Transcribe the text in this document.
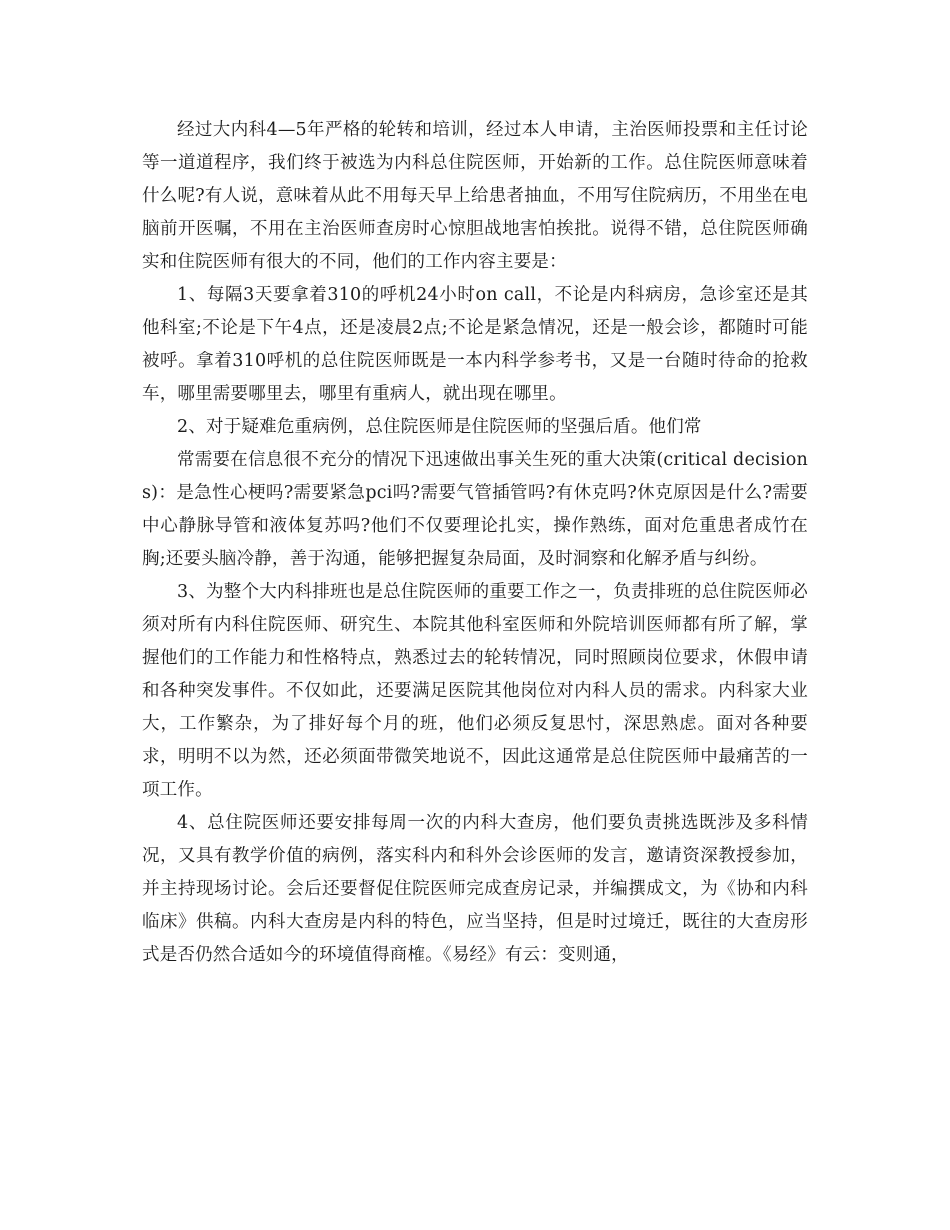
经过大内科4—5年严格的轮转和培训，经过本人申请，主治医师投票和主任讨论等一道道程序，我们终于被选为内科总住院医师，开始新的工作。总住院医师意味着什么呢?有人说，意味着从此不用每天早上给患者抽血，不用写住院病历，不用坐在电脑前开医嘱，不用在主治医师查房时心惊胆战地害怕挨批。说得不错，总住院医师确实和住院医师有很大的不同，他们的工作内容主要是：

1、每隔3天要拿着310的呼机24小时on call，不论是内科病房，急诊室还是其他科室;不论是下午4点，还是凌晨2点;不论是紧急情况，还是一般会诊，都随时可能被呼。拿着310呼机的总住院医师既是一本内科学参考书，又是一台随时待命的抢救车，哪里需要哪里去，哪里有重病人，就出现在哪里。

2、对于疑难危重病例，总住院医师是住院医师的坚强后盾。他们常

常需要在信息很不充分的情况下迅速做出事关生死的重大决策(critical decisions)：是急性心梗吗?需要紧急pci吗?需要气管插管吗?有休克吗?休克原因是什么?需要中心静脉导管和液体复苏吗?他们不仅要理论扎实，操作熟练，面对危重患者成竹在胸;还要头脑冷静，善于沟通，能够把握复杂局面，及时洞察和化解矛盾与纠纷。

3、为整个大内科排班也是总住院医师的重要工作之一，负责排班的总住院医师必须对所有内科住院医师、研究生、本院其他科室医师和外院培训医师都有所了解，掌握他们的工作能力和性格特点，熟悉过去的轮转情况，同时照顾岗位要求，休假申请和各种突发事件。不仅如此，还要满足医院其他岗位对内科人员的需求。内科家大业大，工作繁杂，为了排好每个月的班，他们必须反复思忖，深思熟虑。面对各种要求，明明不以为然，还必须面带微笑地说不，因此这通常是总住院医师中最痛苦的一项工作。

4、总住院医师还要安排每周一次的内科大查房，他们要负责挑选既涉及多科情况，又具有教学价值的病例，落实科内和科外会诊医师的发言，邀请资深教授参加，并主持现场讨论。会后还要督促住院医师完成查房记录，并编撰成文，为《协和内科临床》供稿。内科大查房是内科的特色，应当坚持，但是时过境迁，既往的大查房形式是否仍然合适如今的环境值得商榷。《易经》有云：变则通，
